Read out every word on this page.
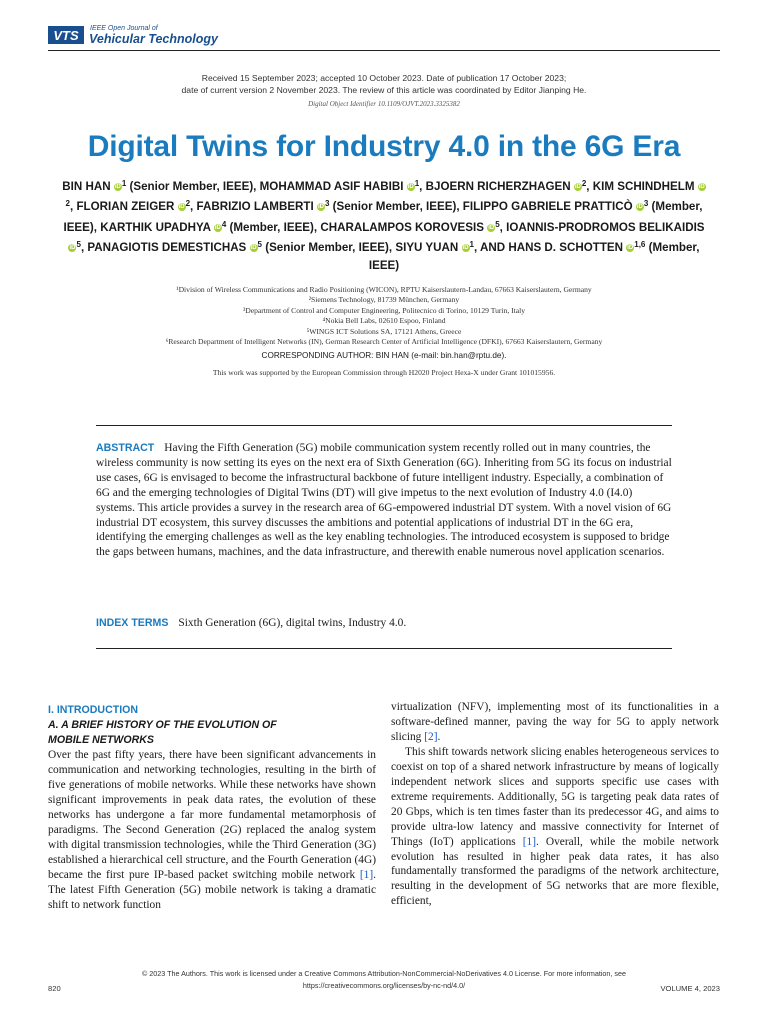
VTS IEEE Open Journal of
Vehicular Technology
Received 15 September 2023; accepted 10 October 2023. Date of publication 17 October 2023;
date of current version 2 November 2023. The review of this article was coordinated by Editor Jianping He.
Digital Object Identifier 10.1109/OJVT.2023.3325382
Digital Twins for Industry 4.0 in the 6G Era
BIN HAN $iD^1$ (Senior Member, IEEE), MOHAMMAD ASIF HABIBI $iD^1$, BJOERN RICHERZHAGEN $iD^2$, KIM SCHINDHELM $iD^2$, FLORIAN ZEIGER $iD^2$, FABRIZIO LAMBERTI $iD^3$ (Senior Member, IEEE), FILIPPO GABRIELE PRATTICÒ $iD^3$ (Member, IEEE), KARTHIK UPADHYA $iD^4$ (Member, IEEE), CHARALAMPOS KOROVESIS $iD^5$, IOANNIS-PRODROMOS BELIKAIDIS $iD^5$, PANAGIOTIS DEMESTICHAS $iD^5$ (Senior Member, IEEE), SIYU YUAN $iD^1$, AND HANS D. SCHOTTEN iD$^{1,6}$ (Member, IEEE)
¹Division of Wireless Communications and Radio Positioning (WICON), RPTU Kaiserslautern-Landau, 67663 Kaiserslautern, Germany
²Siemens Technology, 81739 München, Germany
³Department of Control and Computer Engineering, Politecnico di Torino, 10129 Turin, Italy
⁴Nokia Bell Labs, 02610 Espoo, Finland
⁵WINGS ICT Solutions SA, 17121 Athens, Greece
⁶Research Department of Intelligent Networks (IN), German Research Center of Artificial Intelligence (DFKI), 67663 Kaiserslautern, Germany
CORRESPONDING AUTHOR: BIN HAN (e-mail: bin.han@rptu.de).
This work was supported by the European Commission through H2020 Project Hexa-X under Grant 101015956.
ABSTRACT Having the Fifth Generation (5G) mobile communication system recently rolled out in many countries, the wireless community is now setting its eyes on the next era of Sixth Generation (6G). Inheriting from 5G its focus on industrial use cases, 6G is envisaged to become the infrastructural backbone of future intelligent industry. Especially, a combination of 6G and the emerging technologies of Digital Twins (DT) will give impetus to the next evolution of Industry 4.0 (I4.0) systems. This article provides a survey in the research area of 6G-empowered industrial DT system. With a novel vision of 6G industrial DT ecosystem, this survey discusses the ambitions and potential applications of industrial DT in the 6G era, identifying the emerging challenges as well as the key enabling technologies. The introduced ecosystem is supposed to bridge the gaps between humans, machines, and the data infrastructure, and therewith enable numerous novel application scenarios.
INDEX TERMS Sixth Generation (6G), digital twins, Industry 4.0.
I. INTRODUCTION
A. A BRIEF HISTORY OF THE EVOLUTION OF
MOBILE NETWORKS

Over the past fifty years, there have been significant advancements in communication and networking technologies, resulting in the birth of five generations of mobile networks. While these networks have shown significant improvements in peak data rates, the evolution of these networks has undergone a far more fundamental metamorphosis of paradigms. The Second Generation (2G) replaced the analog system with digital transmission technologies, while the Third Generation (3G) established a hierarchical cell structure, and the Fourth Generation (4G) became the first pure IP-based packet switching mobile network [1]. The latest Fifth Generation (5G) mobile network is taking a dramatic shift to network function

virtualization (NFV), implementing most of its functionalities in a software-defined manner, paving the way for 5G to apply network slicing [2].

This shift towards network slicing enables heterogeneous services to coexist on top of a shared network infrastructure by means of logically independent network slices and supports specific use cases with extreme requirements. Additionally, 5G is targeting peak data rates of 20 Gbps, which is ten times faster than its predecessor 4G, and aims to provide ultra-low latency and massive connectivity for Internet of Things (IoT) applications [1]. Overall, while the mobile network evolution has resulted in higher peak data rates, it has also fundamentally transformed the paradigms of the network architecture, resulting in the development of 5G networks that are more flexible, efficient,

© 2023 The Authors. This work is licensed under a Creative Commons Attribution-NonCommercial-NoDerivatives 4.0 License. For more information, see
https://creativecommons.org/licenses/by-nc-nd/4.0/
820	VOLUME 4, 2023
